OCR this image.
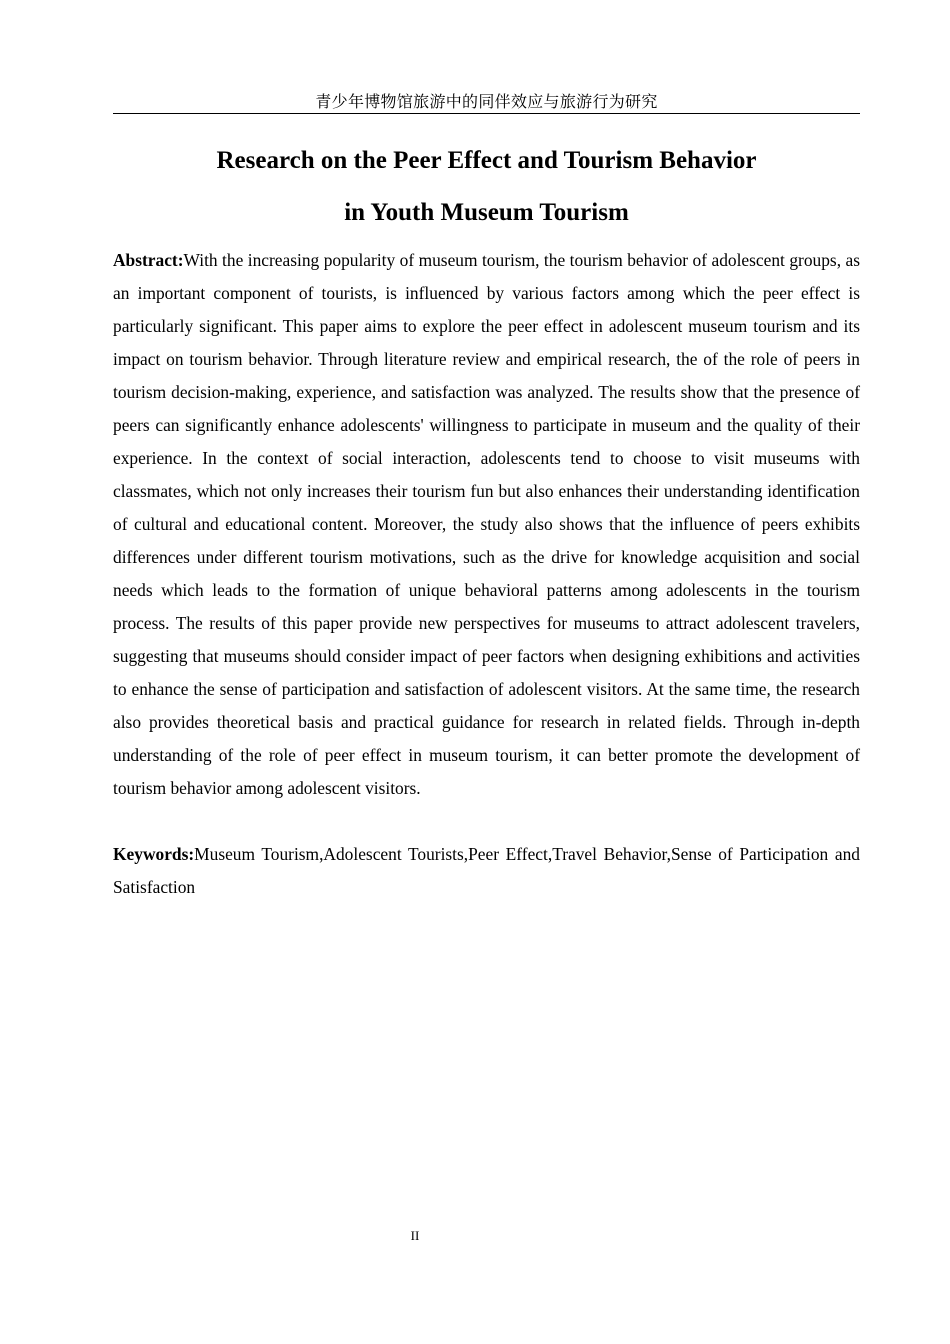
青少年博物馆旅游中的同伴效应与旅游行为研究
Research on the Peer Effect and Tourism Behavior
in Youth Museum Tourism
Abstract:With the increasing popularity of museum tourism, the tourism behavior of adolescent groups, as an important component of tourists, is influenced by various factors among which the peer effect is particularly significant. This paper aims to explore the peer effect in adolescent museum tourism and its impact on tourism behavior. Through literature review and empirical research, the of the role of peers in tourism decision-making, experience, and satisfaction was analyzed. The results show that the presence of peers can significantly enhance adolescents' willingness to participate in museum and the quality of their experience. In the context of social interaction, adolescents tend to choose to visit museums with classmates, which not only increases their tourism fun but also enhances their understanding identification of cultural and educational content. Moreover, the study also shows that the influence of peers exhibits differences under different tourism motivations, such as the drive for knowledge acquisition and social needs which leads to the formation of unique behavioral patterns among adolescents in the tourism process. The results of this paper provide new perspectives for museums to attract adolescent travelers, suggesting that museums should consider impact of peer factors when designing exhibitions and activities to enhance the sense of participation and satisfaction of adolescent visitors. At the same time, the research also provides theoretical basis and practical guidance for research in related fields. Through in-depth understanding of the role of peer effect in museum tourism, it can better promote the development of tourism behavior among adolescent visitors.
Keywords:Museum Tourism,Adolescent Tourists,Peer Effect,Travel Behavior,Sense of Participation and Satisfaction
II
